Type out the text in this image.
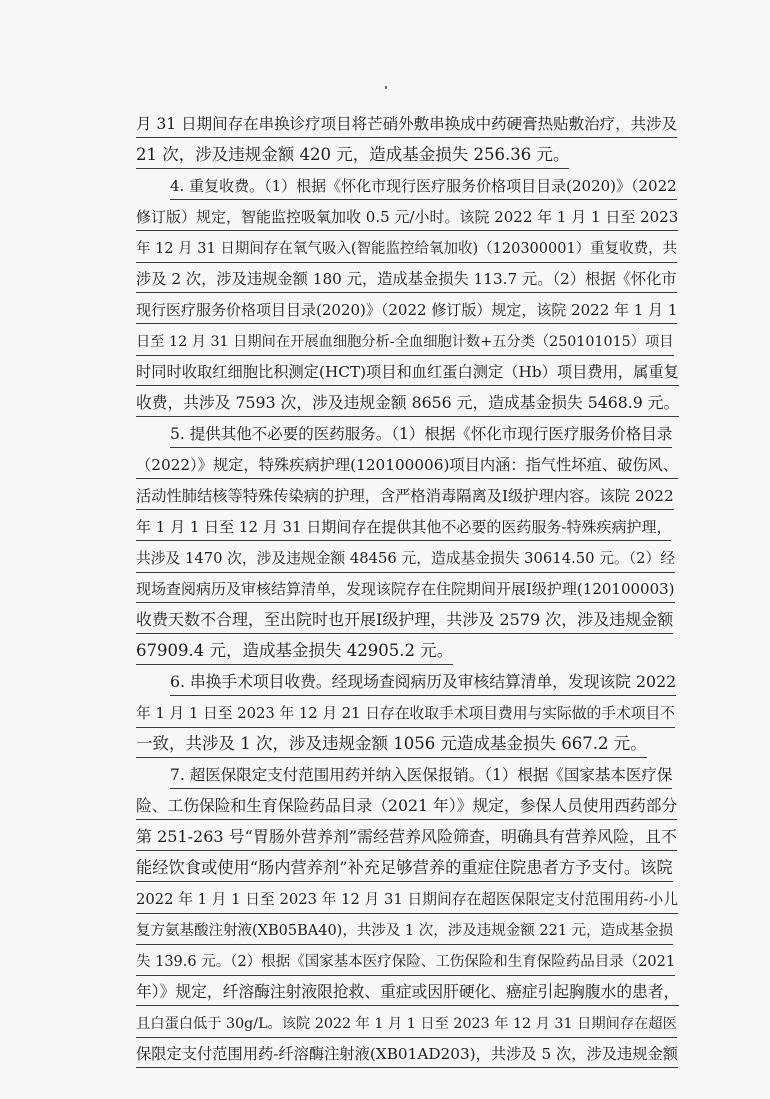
月 31 日期间存在串换诊疗项目将芒硝外敷串换成中药硬膏热贴敷治疗，共涉及

21 次，涉及违规金额 420 元，造成基金损失 256.36 元。

4. 重复收费。（1）根据《怀化市现行医疗服务价格项目目录(2020)》（2022

修订版）规定，智能监控吸氧加收 0.5 元/小时。该院 2022 年 1 月 1 日至 2023

年 12 月 31 日期间存在氧气吸入(智能监控给氧加收)（120300001）重复收费，共

涉及 2 次，涉及违规金额 180 元，造成基金损失 113.7 元。（2）根据《怀化市

现行医疗服务价格项目目录(2020)》（2022 修订版）规定，该院 2022 年 1 月 1

日至 12 月 31 日期间在开展血细胞分析-全血细胞计数+五分类（250101015）项目

时同时收取红细胞比积测定(HCT)项目和血红蛋白测定（Hb）项目费用，属重复

收费，共涉及 7593 次，涉及违规金额 8656 元，造成基金损失 5468.9 元。

5. 提供其他不必要的医药服务。（1）根据《怀化市现行医疗服务价格目录

（2022）》规定，特殊疾病护理(120100006)项目内涵：指气性坏疽、破伤风、

活动性肺结核等特殊传染病的护理，含严格消毒隔离及Ⅰ级护理内容。该院 2022

年 1 月 1 日至 12 月 31 日期间存在提供其他不必要的医药服务-特殊疾病护理，

共涉及 1470 次，涉及违规金额 48456 元，造成基金损失 30614.50 元。（2）经

现场查阅病历及审核结算清单，发现该院存在住院期间开展Ⅰ级护理(120100003)

收费天数不合理，至出院时也开展Ⅰ级护理，共涉及 2579 次，涉及违规金额

67909.4 元，造成基金损失 42905.2 元。

6. 串换手术项目收费。经现场查阅病历及审核结算清单，发现该院 2022

年 1 月 1 日至 2023 年 12 月 21 日存在收取手术项目费用与实际做的手术项目不

一致，共涉及 1 次，涉及违规金额 1056 元造成基金损失 667.2 元。

7. 超医保限定支付范围用药并纳入医保报销。（1）根据《国家基本医疗保

险、工伤保险和生育保险药品目录（2021 年）》规定，参保人员使用西药部分

第 251-263 号“胃肠外营养剂”需经营养风险筛查，明确具有营养风险，且不

能经饮食或使用“肠内营养剂”补充足够营养的重症住院患者方予支付。该院

2022 年 1 月 1 日至 2023 年 12 月 31 日期间存在超医保限定支付范围用药-小儿

复方氨基酸注射液(XB05BA40)，共涉及 1 次，涉及违规金额 221 元，造成基金损

失 139.6 元。（2）根据《国家基本医疗保险、工伤保险和生育保险药品目录（2021

年）》规定，纤溶酶注射液限抢救、重症或因肝硬化、癌症引起胸腹水的患者，

且白蛋白低于 30g/L。该院 2022 年 1 月 1 日至 2023 年 12 月 31 日期间存在超医

保限定支付范围用药-纤溶酶注射液(XB01AD203)，共涉及 5 次，涉及违规金额
